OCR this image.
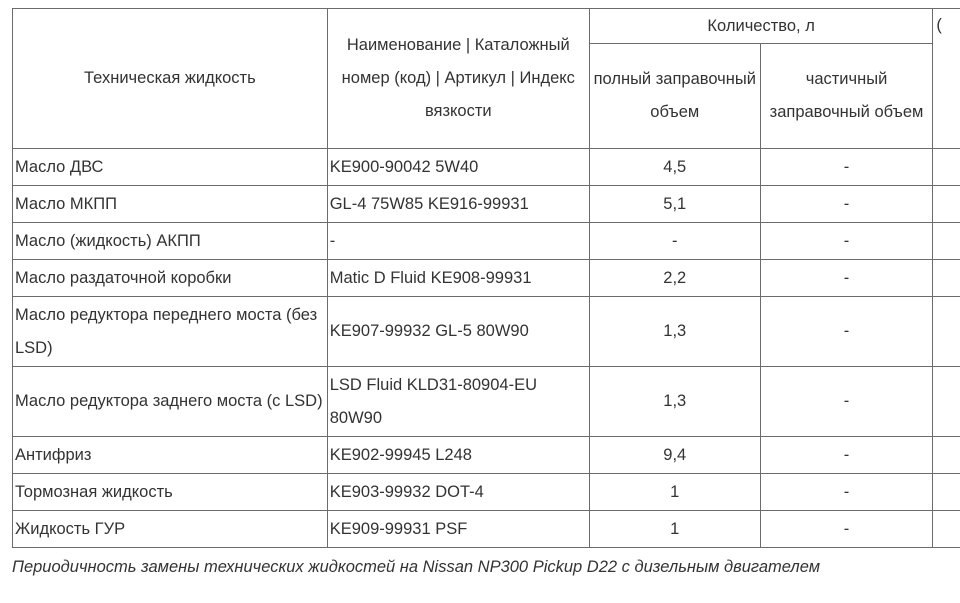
Техническая жидкость	Наименование | Каталожный номер (код) | Артикул | Индекс вязкости	Количество, л		(
		полный заправочный объем	частичный заправочный объем	
Масло ДВС	KE900-90042 5W40	4,5	-	
Масло МКПП	GL-4 75W85 KE916-99931	5,1	-	
Масло (жидкость) АКПП	-	-	-	
Масло раздаточной коробки	Matic D Fluid KE908-99931	2,2	-	
Масло редуктора переднего моста (без LSD)	KE907-99932 GL-5 80W90	1,3	-	
Масло редуктора заднего моста (с LSD)	LSD Fluid KLD31-80904-EU 80W90	1,3	-	
Антифриз	KE902-99945 L248	9,4	-	
Тормозная жидкость	KE903-99932 DOT-4	1	-	
Жидкость ГУР	KE909-99931 PSF	1	-	
Периодичность замены технических жидкостей на Nissan NP300 Pickup D22 с дизельным двигателем
